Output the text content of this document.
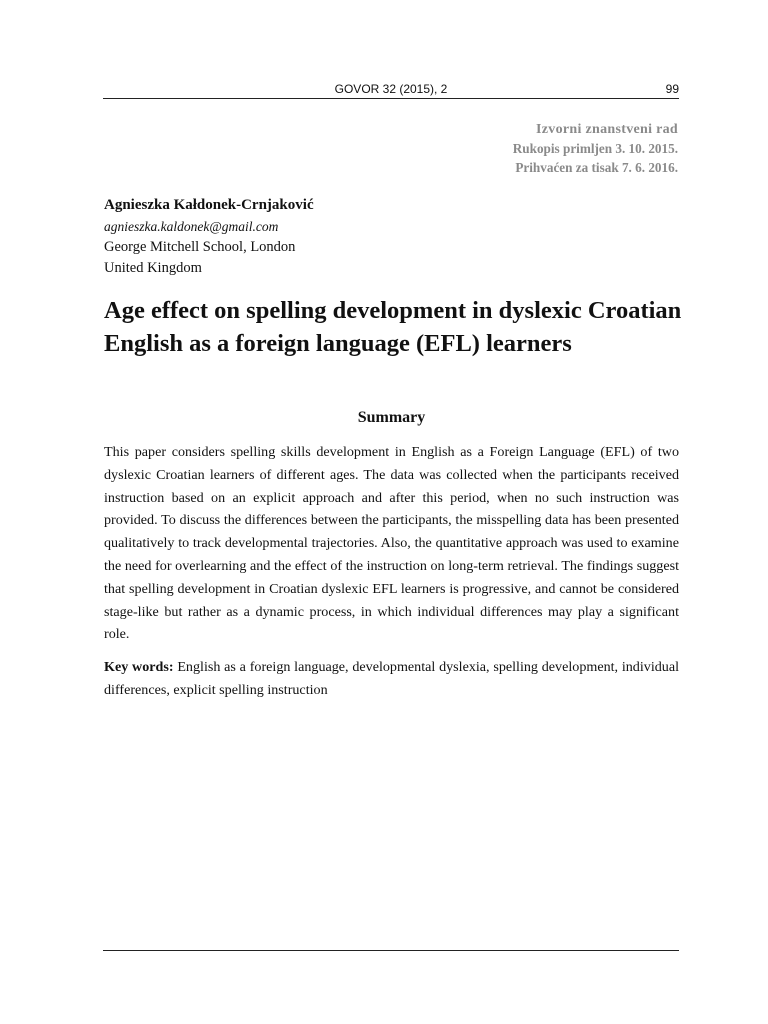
GOVOR 32 (2015), 2	99
Izvorni znanstveni rad
Rukopis primljen 3. 10. 2015.
Prihvaćen za tisak 7. 6. 2016.
Agnieszka Kałdonek-Crnjaković
agnieszka.kaldonek@gmail.com
George Mitchell School, London
United Kingdom
Age effect on spelling development in dyslexic Croatian English as a foreign language (EFL) learners
Summary

This paper considers spelling skills development in English as a Foreign Language (EFL) of two dyslexic Croatian learners of different ages. The data was collected when the participants received instruction based on an explicit approach and after this period, when no such instruction was provided. To discuss the differences between the participants, the misspelling data has been presented qualitatively to track developmental trajectories. Also, the quantitative approach was used to examine the need for overlearning and the effect of the instruction on long-term retrieval. The findings suggest that spelling development in Croatian dyslexic EFL learners is progressive, and cannot be considered stage-like but rather as a dynamic process, in which individual differences may play a significant role.

Key words: English as a foreign language, developmental dyslexia, spelling development, individual differences, explicit spelling instruction
